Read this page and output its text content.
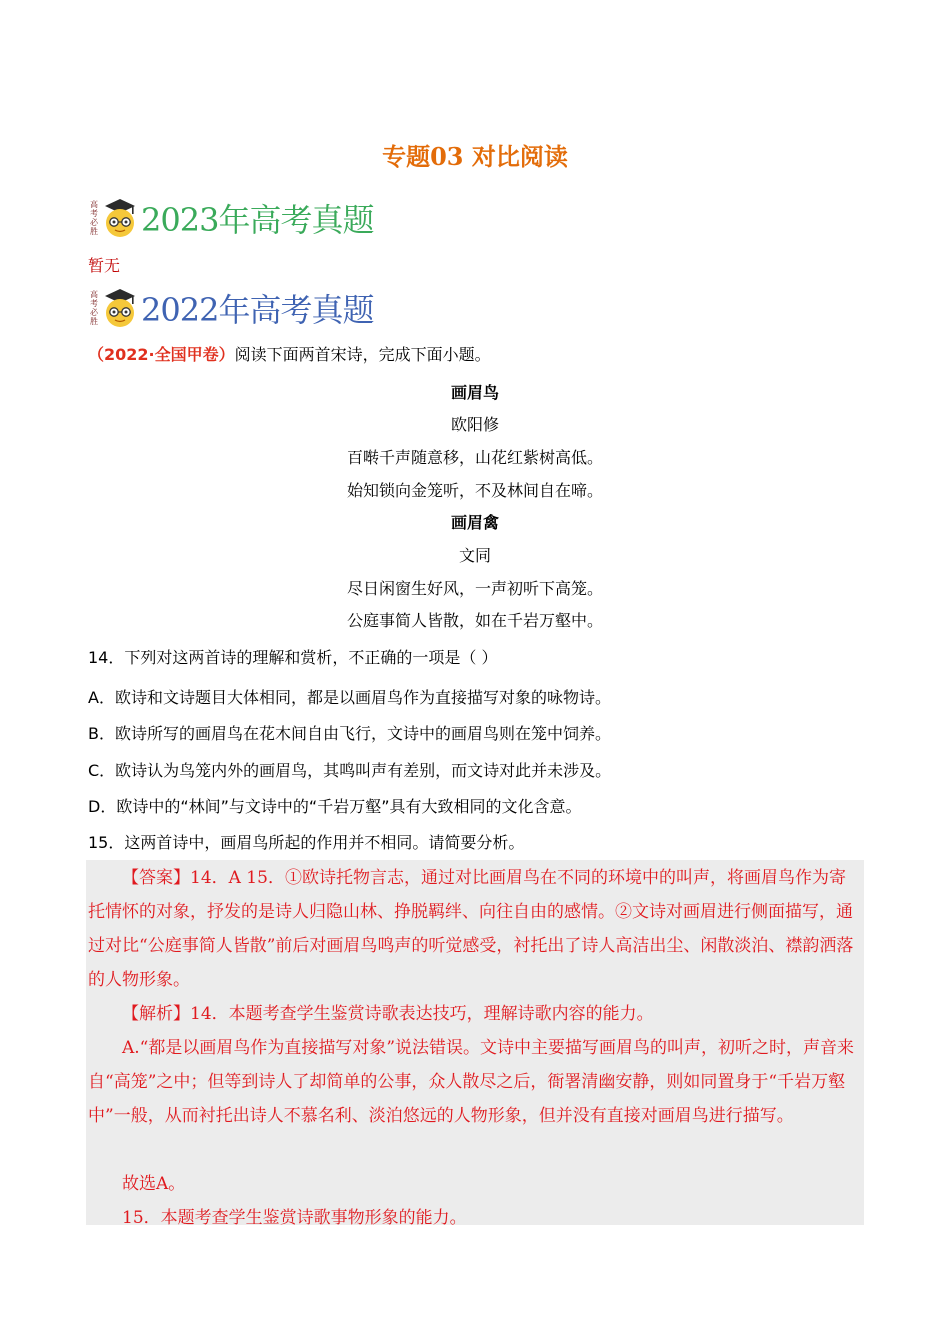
专题03 对比阅读
高考必胜 2023年高考真题
暂无
高考必胜 2022年高考真题
（2022·全国甲卷）阅读下面两首宋诗，完成下面小题。
画眉鸟
欧阳修
百啭千声随意移，山花红紫树高低。
始知锁向金笼听，不及林间自在啼。
画眉禽
文同
尽日闲窗生好风，一声初听下高笼。
公庭事简人皆散，如在千岩万壑中。
14．下列对这两首诗的理解和赏析，不正确的一项是（ ）
A．欧诗和文诗题目大体相同，都是以画眉鸟作为直接描写对象的咏物诗。
B．欧诗所写的画眉鸟在花木间自由飞行，文诗中的画眉鸟则在笼中饲养。
C．欧诗认为鸟笼内外的画眉鸟，其鸣叫声有差别，而文诗对此并未涉及。
D．欧诗中的“林间”与文诗中的“千岩万壑”具有大致相同的文化含意。
15．这两首诗中，画眉鸟所起的作用并不相同。请简要分析。
【答案】14．A 15．①欧诗托物言志，通过对比画眉鸟在不同的环境中的叫声，将画眉鸟作为寄托情怀的对象，抒发的是诗人归隐山林、挣脱羁绊、向往自由的感情。②文诗对画眉进行侧面描写，通过对比“公庭事简人皆散”前后对画眉鸟鸣声的听觉感受，衬托出了诗人高洁出尘、闲散淡泊、襟韵洒落的人物形象。
【解析】14．本题考查学生鉴赏诗歌表达技巧，理解诗歌内容的能力。
A.“都是以画眉鸟作为直接描写对象”说法错误。文诗中主要描写画眉鸟的叫声，初听之时，声音来自“高笼”之中；但等到诗人了却简单的公事，众人散尽之后，衙署清幽安静，则如同置身于“千岩万壑中”一般，从而衬托出诗人不慕名利、淡泊悠远的人物形象，但并没有直接对画眉鸟进行描写。
故选A。
15．本题考查学生鉴赏诗歌事物形象的能力。
